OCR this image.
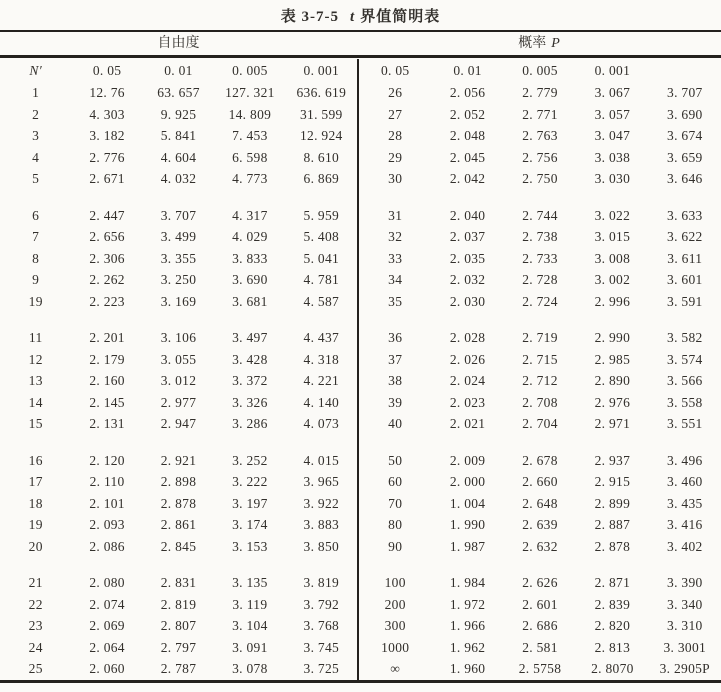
表 3-7-5 t 界值简明表
自由度	概率 P
N′	0. 05	0. 01	0. 005	0. 001
1	12. 76	63. 657	127. 321	636. 619
2	4. 303	9. 925	14. 809	31. 599
3	3. 182	5. 841	7. 453	12. 924
4	2. 776	4. 604	6. 598	8. 610
5	2. 671	4. 032	4. 773	6. 869
6	2. 447	3. 707	4. 317	5. 959
7	2. 656	3. 499	4. 029	5. 408
8	2. 306	3. 355	3. 833	5. 041
9	2. 262	3. 250	3. 690	4. 781
19	2. 223	3. 169	3. 681	4. 587
11	2. 201	3. 106	3. 497	4. 437
12	2. 179	3. 055	3. 428	4. 318
13	2. 160	3. 012	3. 372	4. 221
14	2. 145	2. 977	3. 326	4. 140
15	2. 131	2. 947	3. 286	4. 073
16	2. 120	2. 921	3. 252	4. 015
17	2. 110	2. 898	3. 222	3. 965
18	2. 101	2. 878	3. 197	3. 922
19	2. 093	2. 861	3. 174	3. 883
20	2. 086	2. 845	3. 153	3. 850
21	2. 080	2. 831	3. 135	3. 819
22	2. 074	2. 819	3. 119	3. 792
23	2. 069	2. 807	3. 104	3. 768
24	2. 064	2. 797	3. 091	3. 745
25	2. 060	2. 787	3. 078	3. 725
0. 05	0. 01	0. 005	0. 001
26	2. 056	2. 779	3. 067	3. 707
27	2. 052	2. 771	3. 057	3. 690
28	2. 048	2. 763	3. 047	3. 674
29	2. 045	2. 756	3. 038	3. 659
30	2. 042	2. 750	3. 030	3. 646
31	2. 040	2. 744	3. 022	3. 633
32	2. 037	2. 738	3. 015	3. 622
33	2. 035	2. 733	3. 008	3. 611
34	2. 032	2. 728	3. 002	3. 601
35	2. 030	2. 724	2. 996	3. 591
36	2. 028	2. 719	2. 990	3. 582
37	2. 026	2. 715	2. 985	3. 574
38	2. 024	2. 712	2. 890	3. 566
39	2. 023	2. 708	2. 976	3. 558
40	2. 021	2. 704	2. 971	3. 551
50	2. 009	2. 678	2. 937	3. 496
60	2. 000	2. 660	2. 915	3. 460
70	1. 004	2. 648	2. 899	3. 435
80	1. 990	2. 639	2. 887	3. 416
90	1. 987	2. 632	2. 878	3. 402
100	1. 984	2. 626	2. 871	3. 390
200	1. 972	2. 601	2. 839	3. 340
300	1. 966	2. 686	2. 820	3. 310
1000	1. 962	2. 581	2. 813	3. 3001
∞	1. 960	2. 5758	2. 8070	3. 2905P
